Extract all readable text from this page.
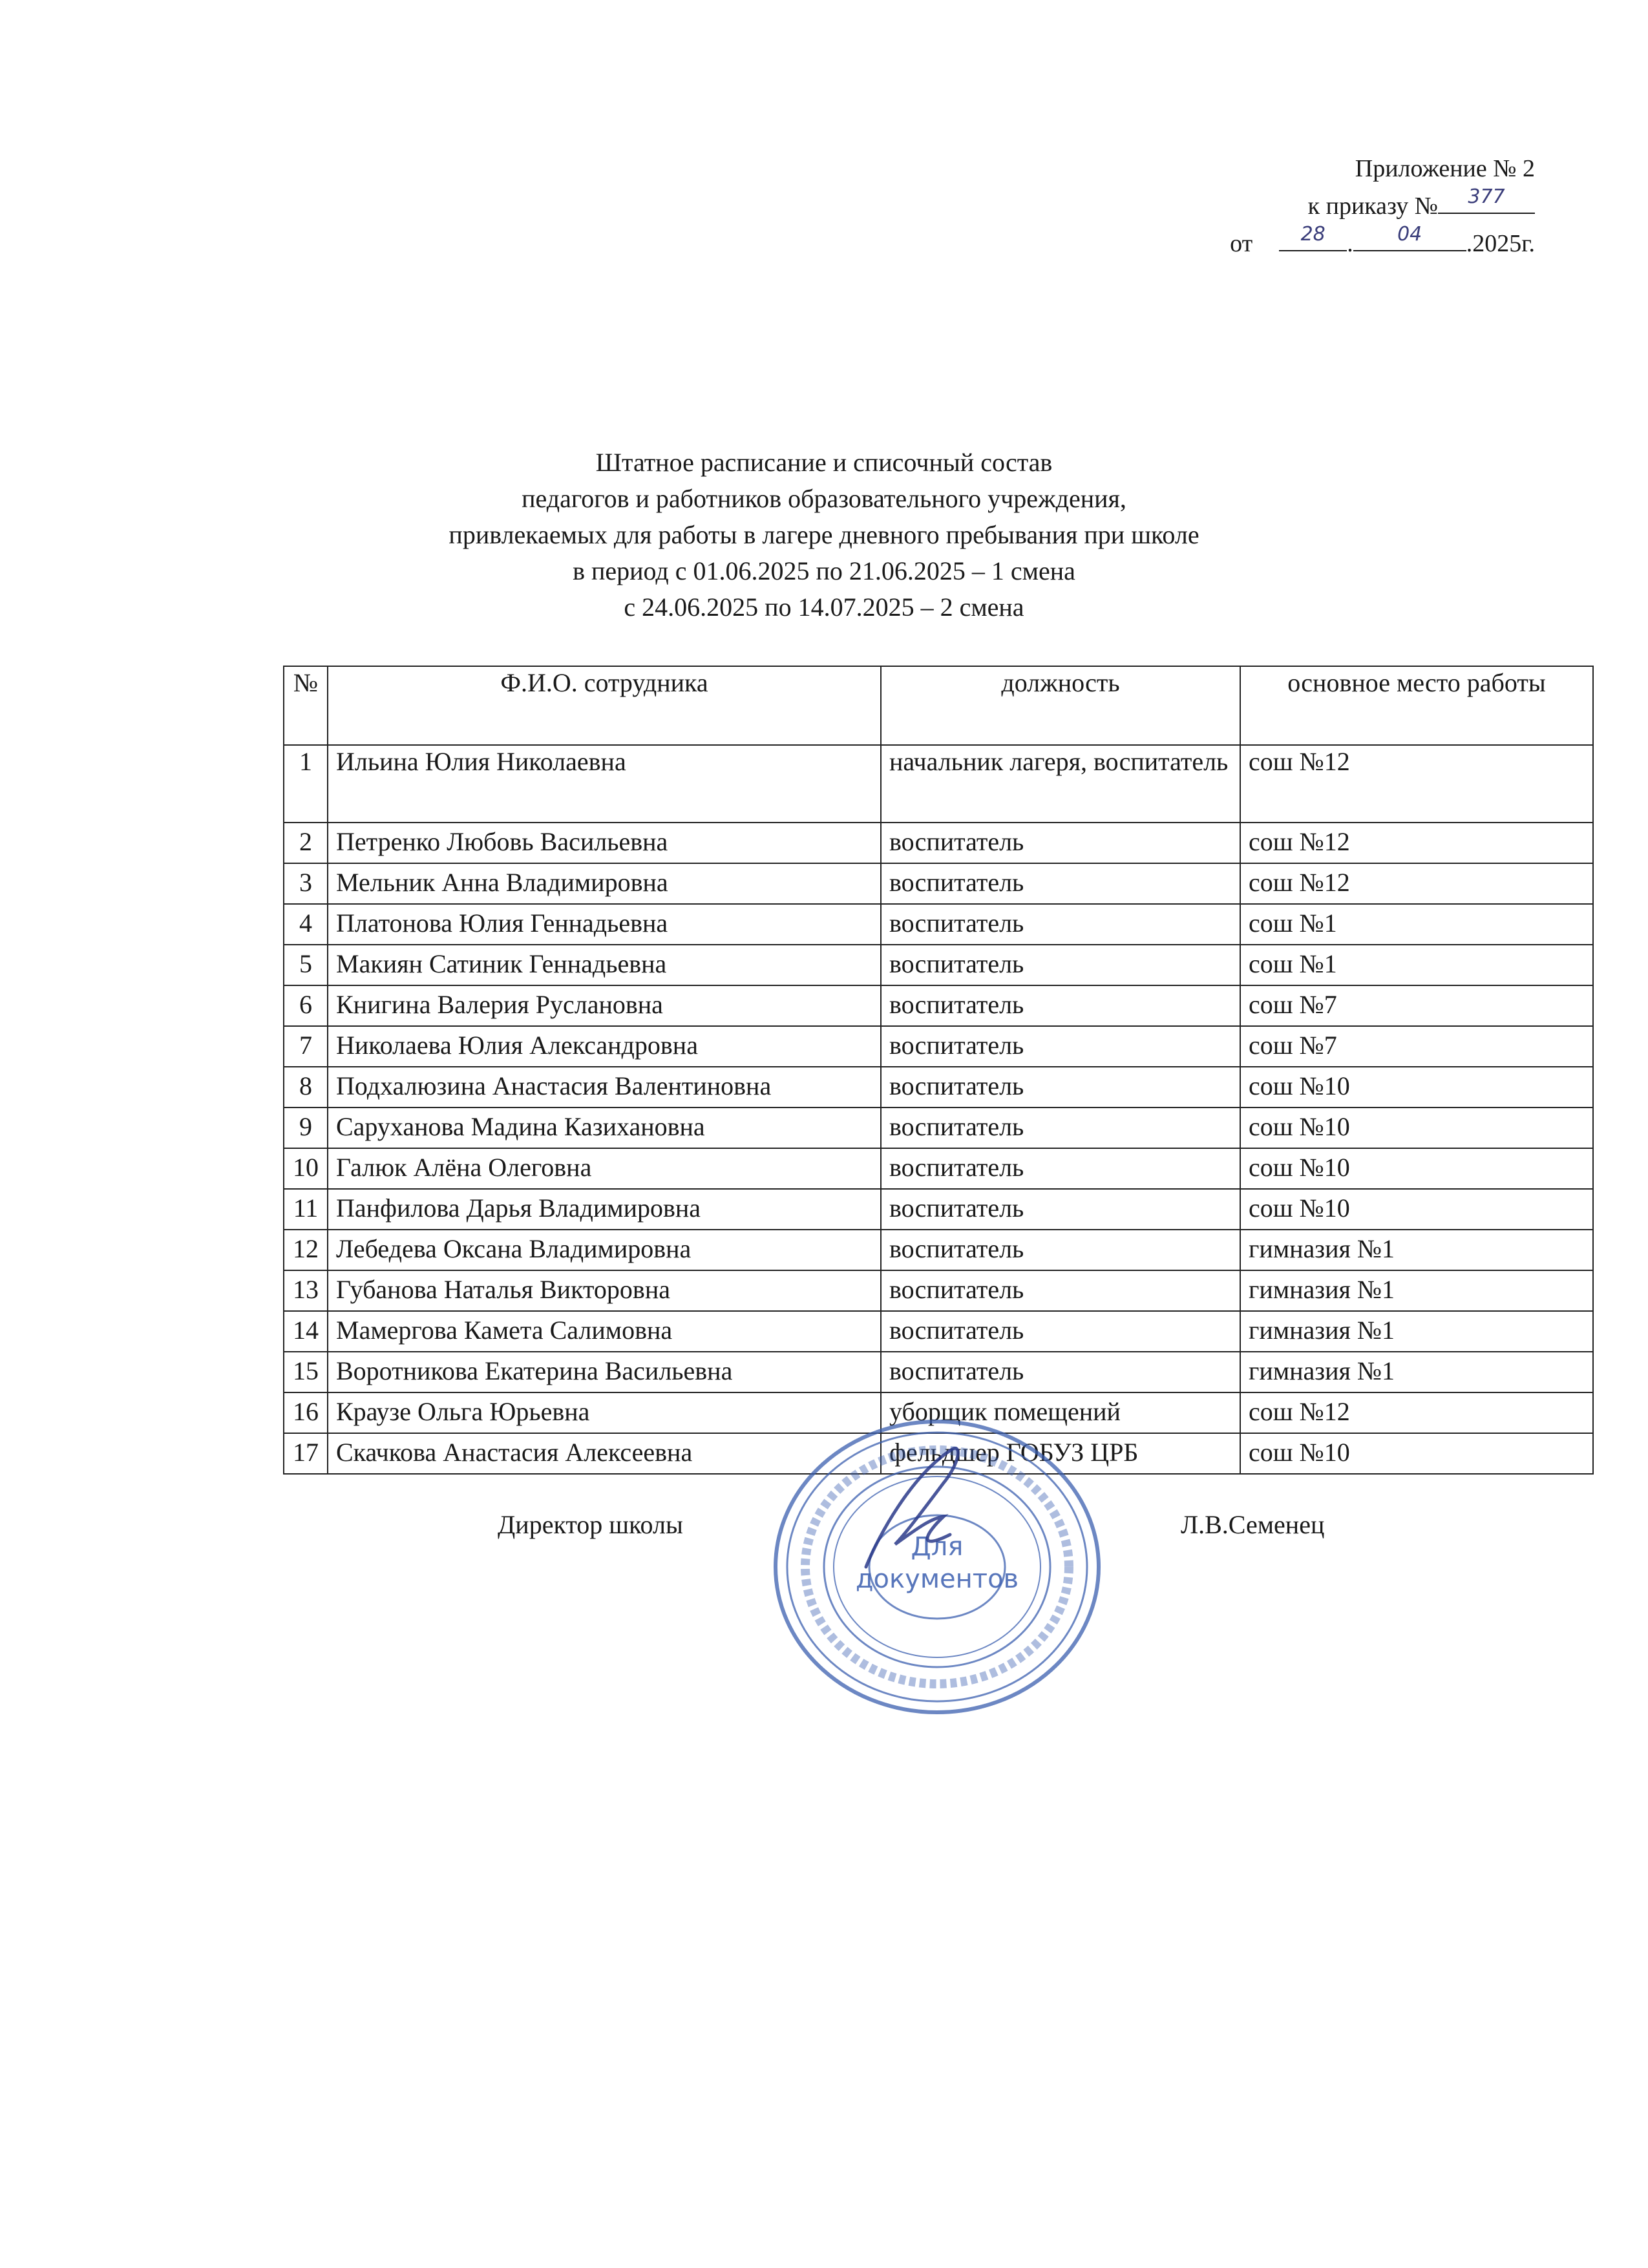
Приложение № 2
к приказу №	377
от	28 .	04	.2025г.
Штатное расписание и списочный состав
педагогов и работников образовательного учреждения,
привлекаемых для работы в лагере дневного пребывания при школе
в период с 01.06.2025 по 21.06.2025 – 1 смена
с 24.06.2025 по 14.07.2025 – 2 смена
№	Ф.И.О. сотрудника	должность	основное место работы
1	Ильина Юлия Николаевна	начальник лагеря, воспитатель	сош №12
2	Петренко Любовь Васильевна	воспитатель	сош №12
3	Мельник Анна Владимировна	воспитатель	сош №12
4	Платонова Юлия Геннадьевна	воспитатель	сош №1
5	Макиян Сатиник Геннадьевна	воспитатель	сош №1
6	Книгина Валерия Руслановна	воспитатель	сош №7
7	Николаева Юлия Александровна	воспитатель	сош №7
8	Подхалюзина Анастасия Валентиновна	воспитатель	сош №10
9	Саруханова Мадина Казихановна	воспитатель	сош №10
10	Галюк Алёна Олеговна	воспитатель	сош №10
11	Панфилова Дарья Владимировна	воспитатель	сош №10
12	Лебедева Оксана Владимировна	воспитатель	гимназия №1
13	Губанова Наталья Викторовна	воспитатель	гимназия №1
14	Мамергова Камета Салимовна	воспитатель	гимназия №1
15	Воротникова Екатерина Васильевна	воспитатель	гимназия №1
16	Краузе Ольга Юрьевна	уборщик помещений	сош №12
17	Скачкова Анастасия Алексеевна	фельдшер ГОБУЗ ЦРБ	сош №10
Директор школы	Л.В.Семенец
Для
документов
